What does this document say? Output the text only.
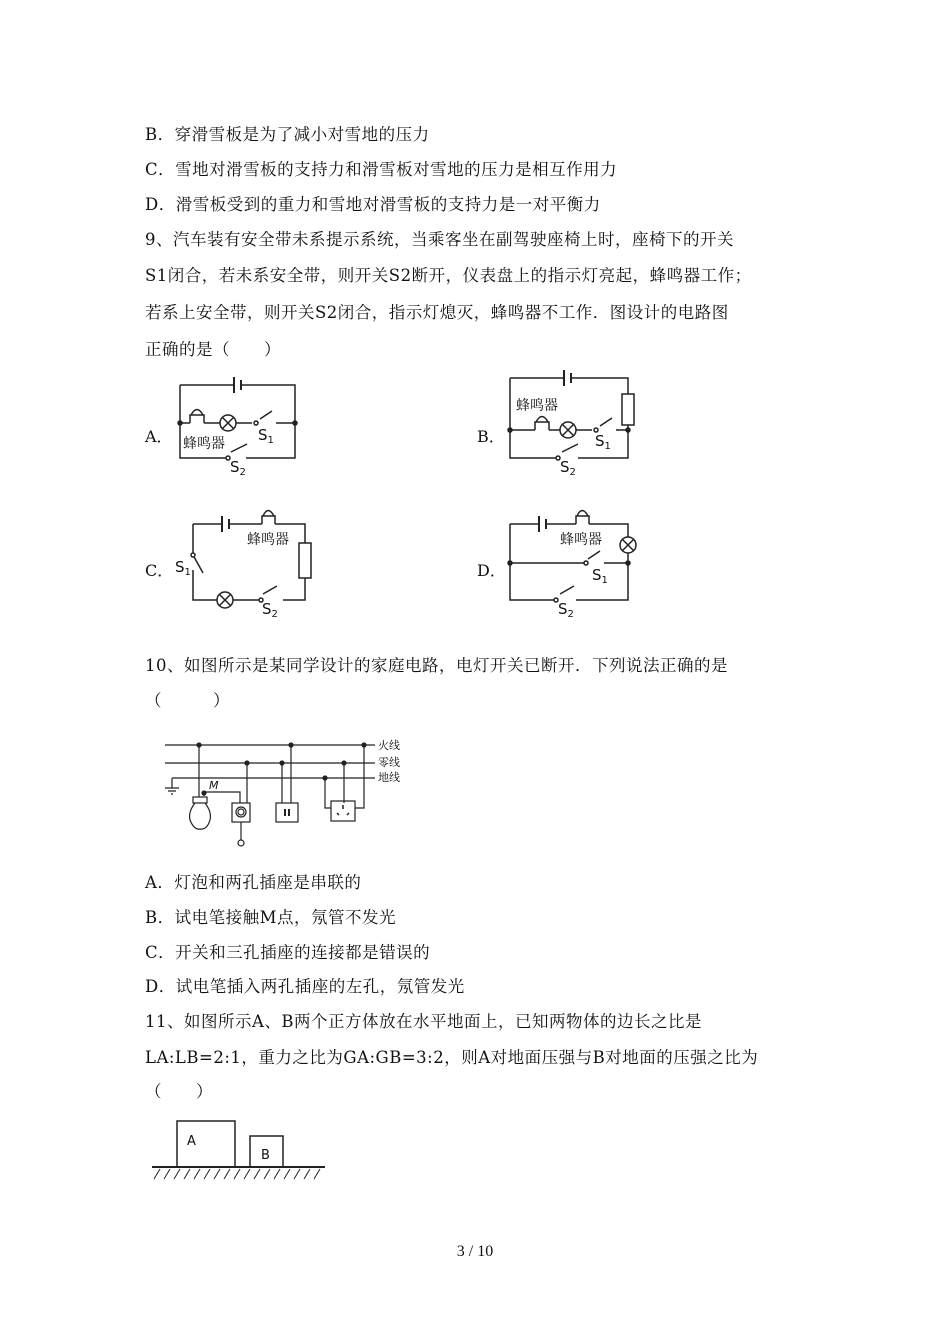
B．穿滑雪板是为了减小对雪地的压力
C．雪地对滑雪板的支持力和滑雪板对雪地的压力是相互作用力
D．滑雪板受到的重力和雪地对滑雪板的支持力是一对平衡力
9、汽车装有安全带未系提示系统，当乘客坐在副驾驶座椅上时，座椅下的开关
S1闭合，若未系安全带，则开关S2断开，仪表盘上的指示灯亮起，蜂鸣器工作；
若系上安全带，则开关S2闭合，指示灯熄灭，蜂鸣器不工作．图设计的电路图
正确的是（　　）
A．	B．
C．	D．
10、如图所示是某同学设计的家庭电路，电灯开关已断开．下列说法正确的是
（　　　）
A．灯泡和两孔插座是串联的
B．试电笔接触M点，氖管不发光
C．开关和三孔插座的连接都是错误的
D．试电笔插入两孔插座的左孔，氖管发光
11、如图所示A、B两个正方体放在水平地面上，已知两物体的边长之比是
LA:LB=2:1，重力之比为GA:GB=3:2，则A对地面压强与B对地面的压强之比为
（　　）
蜂鸣器 $S_1$
$S_2$
蜂鸣器
$S_1$
$S_2$
蜂鸣器
$S_1$
$S_2$
蜂鸣器
$S_1$
$S_2$
火线
零线
地线
M
A
B
3 / 10
